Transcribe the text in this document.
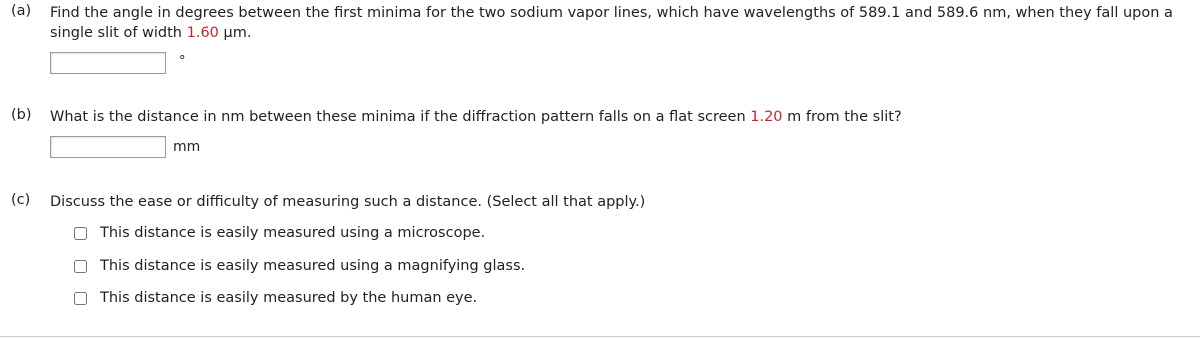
(a) Find the angle in degrees between the first minima for the two sodium vapor lines, which have wavelengths of 589.1 and 589.6 nm, when they fall upon a single slit of width 1.60 µm.
°
(b) What is the distance in nm between these minima if the diffraction pattern falls on a flat screen 1.20 m from the slit?
mm
(c) Discuss the ease or difficulty of measuring such a distance. (Select all that apply.)
This distance is easily measured using a microscope.
This distance is easily measured using a magnifying glass.
This distance is easily measured by the human eye.
